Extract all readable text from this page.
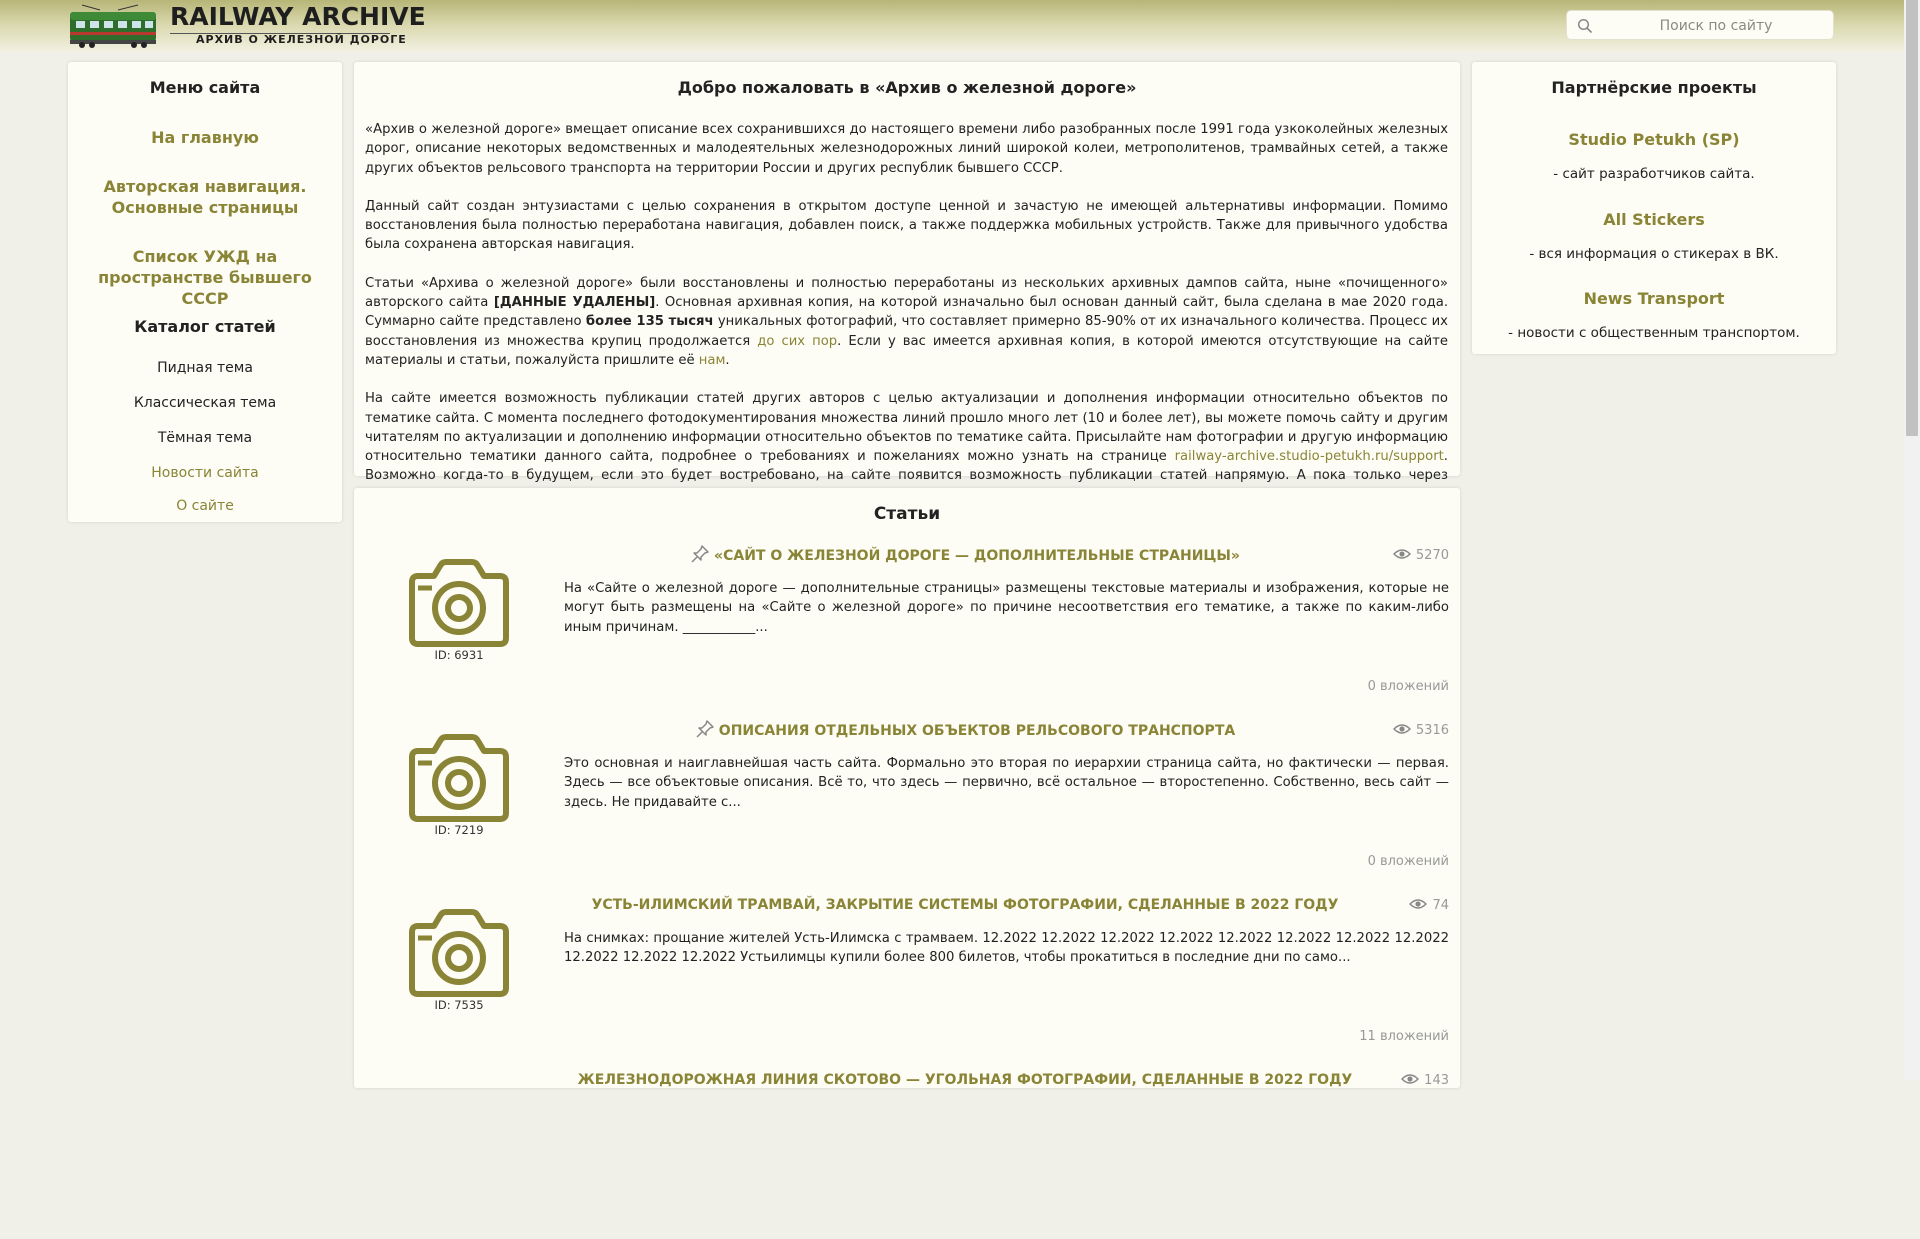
RAILWAY ARCHIVE
АРХИВ О ЖЕЛЕЗНОЙ ДОРОГЕ
Поиск по сайту
Меню сайта
На главную
Авторская навигация. Основные страницы
Список УЖД на пространстве бывшего СССР
Каталог статей
Пидная тема
Классическая тема
Тёмная тема
Новости сайта
О сайте
Добро пожаловать в «Архив о железной дороге»

«Архив о железной дороге» вмещает описание всех сохранившихся до настоящего времени либо разобранных после 1991 года узкоколейных железных дорог, описание некоторых ведомственных и малодеятельных железнодорожных линий широкой колеи, метрополитенов, трамвайных сетей, а также других объектов рельсового транспорта на территории России и других республик бывшего СССР.

Данный сайт создан энтузиастами с целью сохранения в открытом доступе ценной и зачастую не имеющей альтернативы информации. Помимо восстановления была полностью переработана навигация, добавлен поиск, а также поддержка мобильных устройств. Также для привычного удобства была сохранена авторская навигация.

Статьи «Архива о железной дороге» были восстановлены и полностью переработаны из нескольких архивных дампов сайта, ныне «почищенного» авторского сайта [ДАННЫЕ УДАЛЕНЫ]. Основная архивная копия, на которой изначально был основан данный сайт, была сделана в мае 2020 года. Суммарно сайте представлено более 135 тысяч уникальных фотографий, что составляет примерно 85-90% от их изначального количества. Процесс их восстановления из множества крупиц продолжается до сих пор. Если у вас имеется архивная копия, в которой имеются отсутствующие на сайте материалы и статьи, пожалуйста пришлите её нам.

На сайте имеется возможность публикации статей других авторов с целью актуализации и дополнения информации относительно объектов по тематике сайта. С момента последнего фотодокументирования множества линий прошло много лет (10 и более лет), вы можете помочь сайту и другим читателям по актуализации и дополнению информации относительно объектов по тематике сайта. Присылайте нам фотографии и другую информацию относительно тематики данного сайта, подробнее о требованиях и пожеланиях можно узнать на странице railway-archive.studio-petukh.ru/support. Возможно когда-то в будущем, если это будет востребовано, на сайте появится возможность публикации статей напрямую. А пока только через

Статьи
ID: 6931
«САЙТ О ЖЕЛЕЗНОЙ ДОРОГЕ — ДОПОЛНИТЕЛЬНЫЕ СТРАНИЦЫ»	5270
На «Сайте о железной дороге — дополнительные страницы» размещены текстовые материалы и изображения, которые не могут быть размещены на «Сайте о железной дороге» по причине несоответствия его тематике, а также по каким-либо иным причинам. ___________...
0 вложений
ID: 7219
ОПИСАНИЯ ОТДЕЛЬНЫХ ОБЪЕКТОВ РЕЛЬСОВОГО ТРАНСПОРТА	5316
Это основная и наиглавнейшая часть сайта. Формально это вторая по иерархии страница сайта, но фактически — первая. Здесь — все объектовые описания. Всё то, что здесь — первично, всё остальное — второстепенно. Собственно, весь сайт — здесь. Не придавайте с...
0 вложений
ID: 7535
УСТЬ-ИЛИМСКИЙ ТРАМВАЙ, ЗАКРЫТИЕ СИСТЕМЫ ФОТОГРАФИИ, СДЕЛАННЫЕ В 2022 ГОДУ	74
На снимках: прощание жителей Усть-Илимска с трамваем. 12.2022 12.2022 12.2022 12.2022 12.2022 12.2022 12.2022 12.2022 12.2022 12.2022 12.2022 Устьилимцы купили более 800 билетов, чтобы прокатиться в последние дни по само...
11 вложений
ЖЕЛЕЗНОДОРОЖНАЯ ЛИНИЯ СКОТОВО — УГОЛЬНАЯ ФОТОГРАФИИ, СДЕЛАННЫЕ В 2022 ГОДУ	143
Партнёрские проекты
Studio Petukh (SP)
- сайт разработчиков сайта.
All Stickers
- вся информация о стикерах в ВК.
News Transport
- новости с общественным транспортом.
